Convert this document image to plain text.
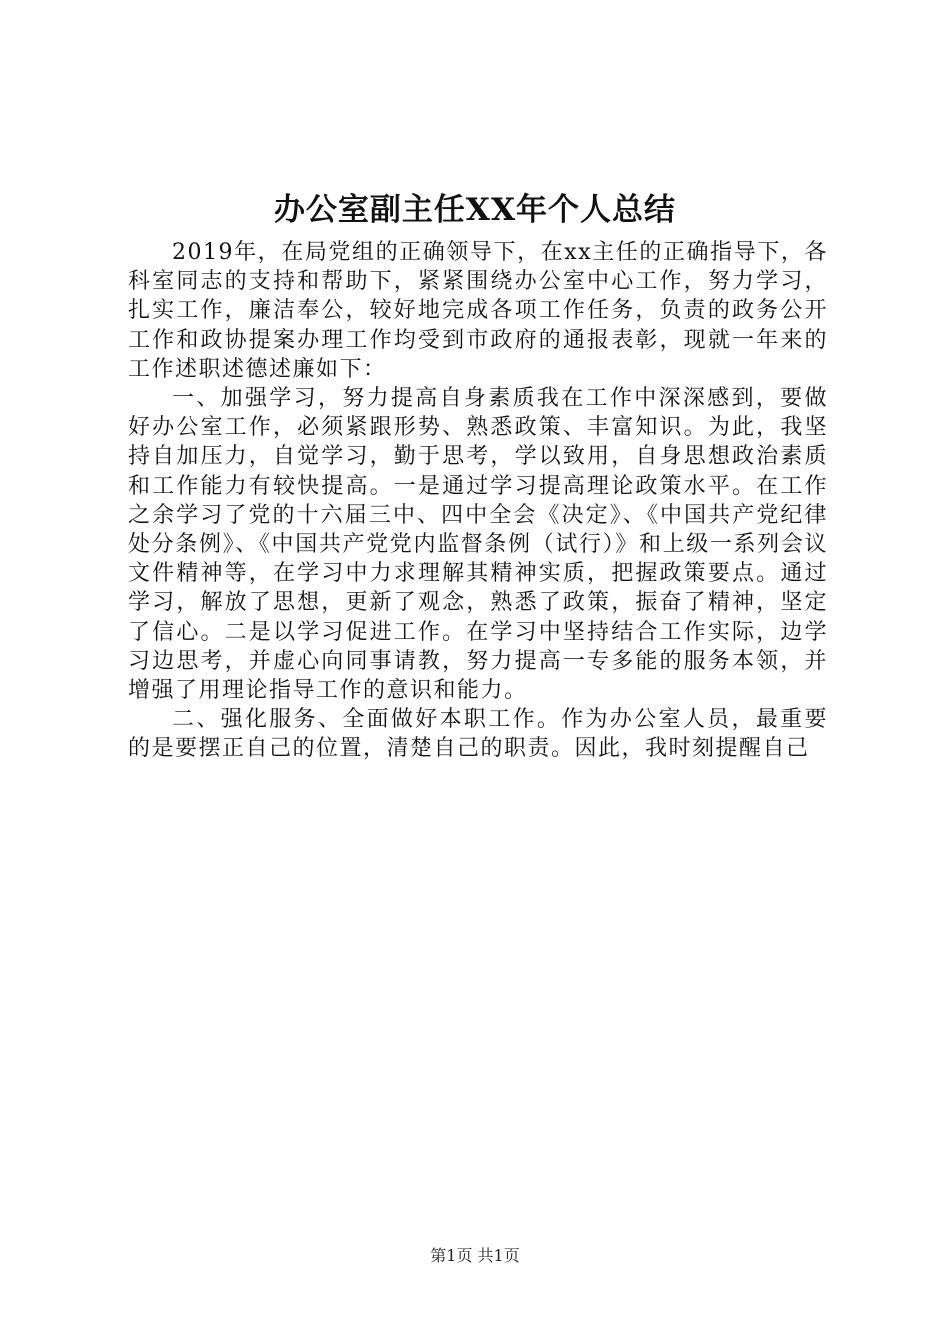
办公室副主任XX年个人总结

2019年，在局党组的正确领导下，在xx主任的正确指导下，各科室同志的支持和帮助下，紧紧围绕办公室中心工作，努力学习，扎实工作，廉洁奉公，较好地完成各项工作任务，负责的政务公开工作和政协提案办理工作均受到市政府的通报表彰，现就一年来的工作述职述德述廉如下：

一、加强学习，努力提高自身素质我在工作中深深感到，要做好办公室工作，必须紧跟形势、熟悉政策、丰富知识。为此，我坚持自加压力，自觉学习，勤于思考，学以致用，自身思想政治素质和工作能力有较快提高。一是通过学习提高理论政策水平。在工作之余学习了党的十六届三中、四中全会《决定》、《中国共产党纪律处分条例》、《中国共产党党内监督条例（试行）》和上级一系列会议文件精神等，在学习中力求理解其精神实质，把握政策要点。通过学习，解放了思想，更新了观念，熟悉了政策，振奋了精神，坚定了信心。二是以学习促进工作。在学习中坚持结合工作实际，边学习边思考，并虚心向同事请教，努力提高一专多能的服务本领，并增强了用理论指导工作的意识和能力。

二、强化服务、全面做好本职工作。作为办公室人员，最重要的是要摆正自己的位置，清楚自己的职责。因此，我时刻提醒自己

第1页 共1页
